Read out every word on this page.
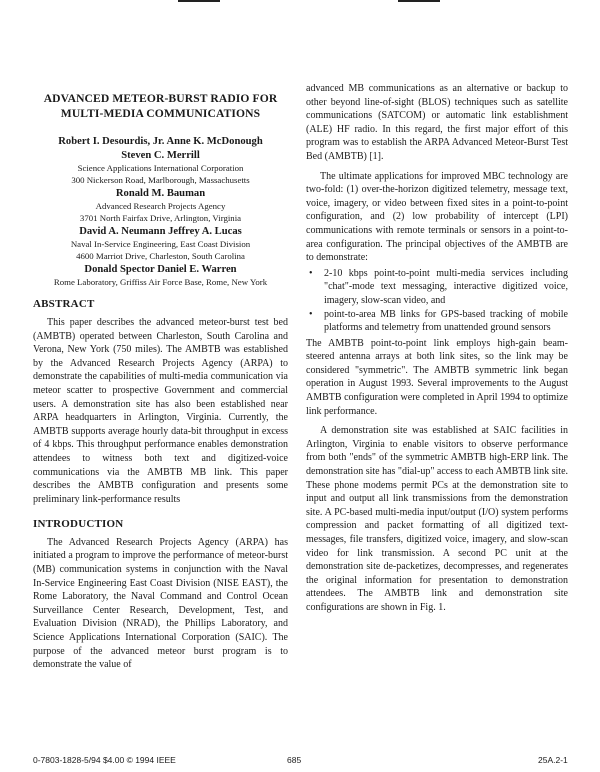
ADVANCED METEOR-BURST RADIO FOR MULTI-MEDIA COMMUNICATIONS
Robert I. Desourdis, Jr. Anne K. McDonough
Steven C. Merrill
Science Applications International Corporation
300 Nickerson Road, Marlborough, Massachusetts
Ronald M. Bauman
Advanced Research Projects Agency
3701 North Fairfax Drive, Arlington, Virginia
David A. Neumann Jeffrey A. Lucas
Naval In-Service Engineering, East Coast Division
4600 Marriot Drive, Charleston, South Carolina
Donald Spector Daniel E. Warren
Rome Laboratory, Griffiss Air Force Base, Rome, New York
ABSTRACT

This paper describes the advanced meteor-burst test bed (AMBTB) operated between Charleston, South Carolina and Verona, New York (750 miles). The AMBTB was established by the Advanced Research Projects Agency (ARPA) to demonstrate the capabilities of multi-media communication via meteor scatter to prospective Government and commercial users. A demonstration site has also been established near ARPA headquarters in Arlington, Virginia. Currently, the AMBTB supports average hourly data-bit throughput in excess of 4 kbps. This throughput performance enables demonstration attendees to witness both text and digitized-voice communications via the AMBTB MB link. This paper describes the AMBTB configuration and presents some preliminary link-performance results

INTRODUCTION

The Advanced Research Projects Agency (ARPA) has initiated a program to improve the performance of meteor-burst (MB) communication systems in conjunction with the Naval In-Service Engineering East Coast Division (NISE EAST), the Rome Laboratory, the Naval Command and Control Ocean Surveillance Center Research, Development, Test, and Evaluation Division (NRAD), the Phillips Laboratory, and Science Applications International Corporation (SAIC). The purpose of the advanced meteor burst program is to demonstrate the value of

advanced MB communications as an alternative or backup to other beyond line-of-sight (BLOS) techniques such as satellite communications (SATCOM) or automatic link establishment (ALE) HF radio. In this regard, the first major effort of this program was to establish the ARPA Advanced Meteor-Burst Test Bed (AMBTB) [1].

The ultimate applications for improved MBC technology are two-fold: (1) over-the-horizon digitized telemetry, message text, voice, imagery, or video between fixed sites in a point-to-point configuration, and (2) low probability of intercept (LPI) communications with remote terminals or sensors in a point-to-area configuration. The principal objectives of the AMBTB are to demonstrate:

• 2-10 kbps point-to-point multi-media services including "chat"-mode text messaging, interactive digitized voice, imagery, slow-scan video, and
• point-to-area MB links for GPS-based tracking of mobile platforms and telemetry from unattended ground sensors

The AMBTB point-to-point link employs high-gain beam-steered antenna arrays at both link sites, so the link may be considered "symmetric". The AMBTB symmetric link began operation in August 1993. Several improvements to the August AMBTB configuration were completed in April 1994 to optimize link performance.

A demonstration site was established at SAIC facilities in Arlington, Virginia to enable visitors to observe performance from both "ends" of the symmetric AMBTB high-ERP link. The demonstration site has "dial-up" access to each AMBTB link site. These phone modems permit PCs at the demonstration site to input and output all link transmissions from the demonstration site. A PC-based multi-media input/output (I/O) system performs compression and packet formatting of all digitized text-messages, file transfers, digitized voice, imagery, and slow-scan video for link transmission. A second PC unit at the demonstration site de-packetizes, decompresses, and regenerates the original information for presentation to demonstration attendees. The AMBTB link and demonstration site configurations are shown in Fig. 1.

0-7803-1828-5/94 $4.00 © 1994 IEEE	685	25A.2-1
